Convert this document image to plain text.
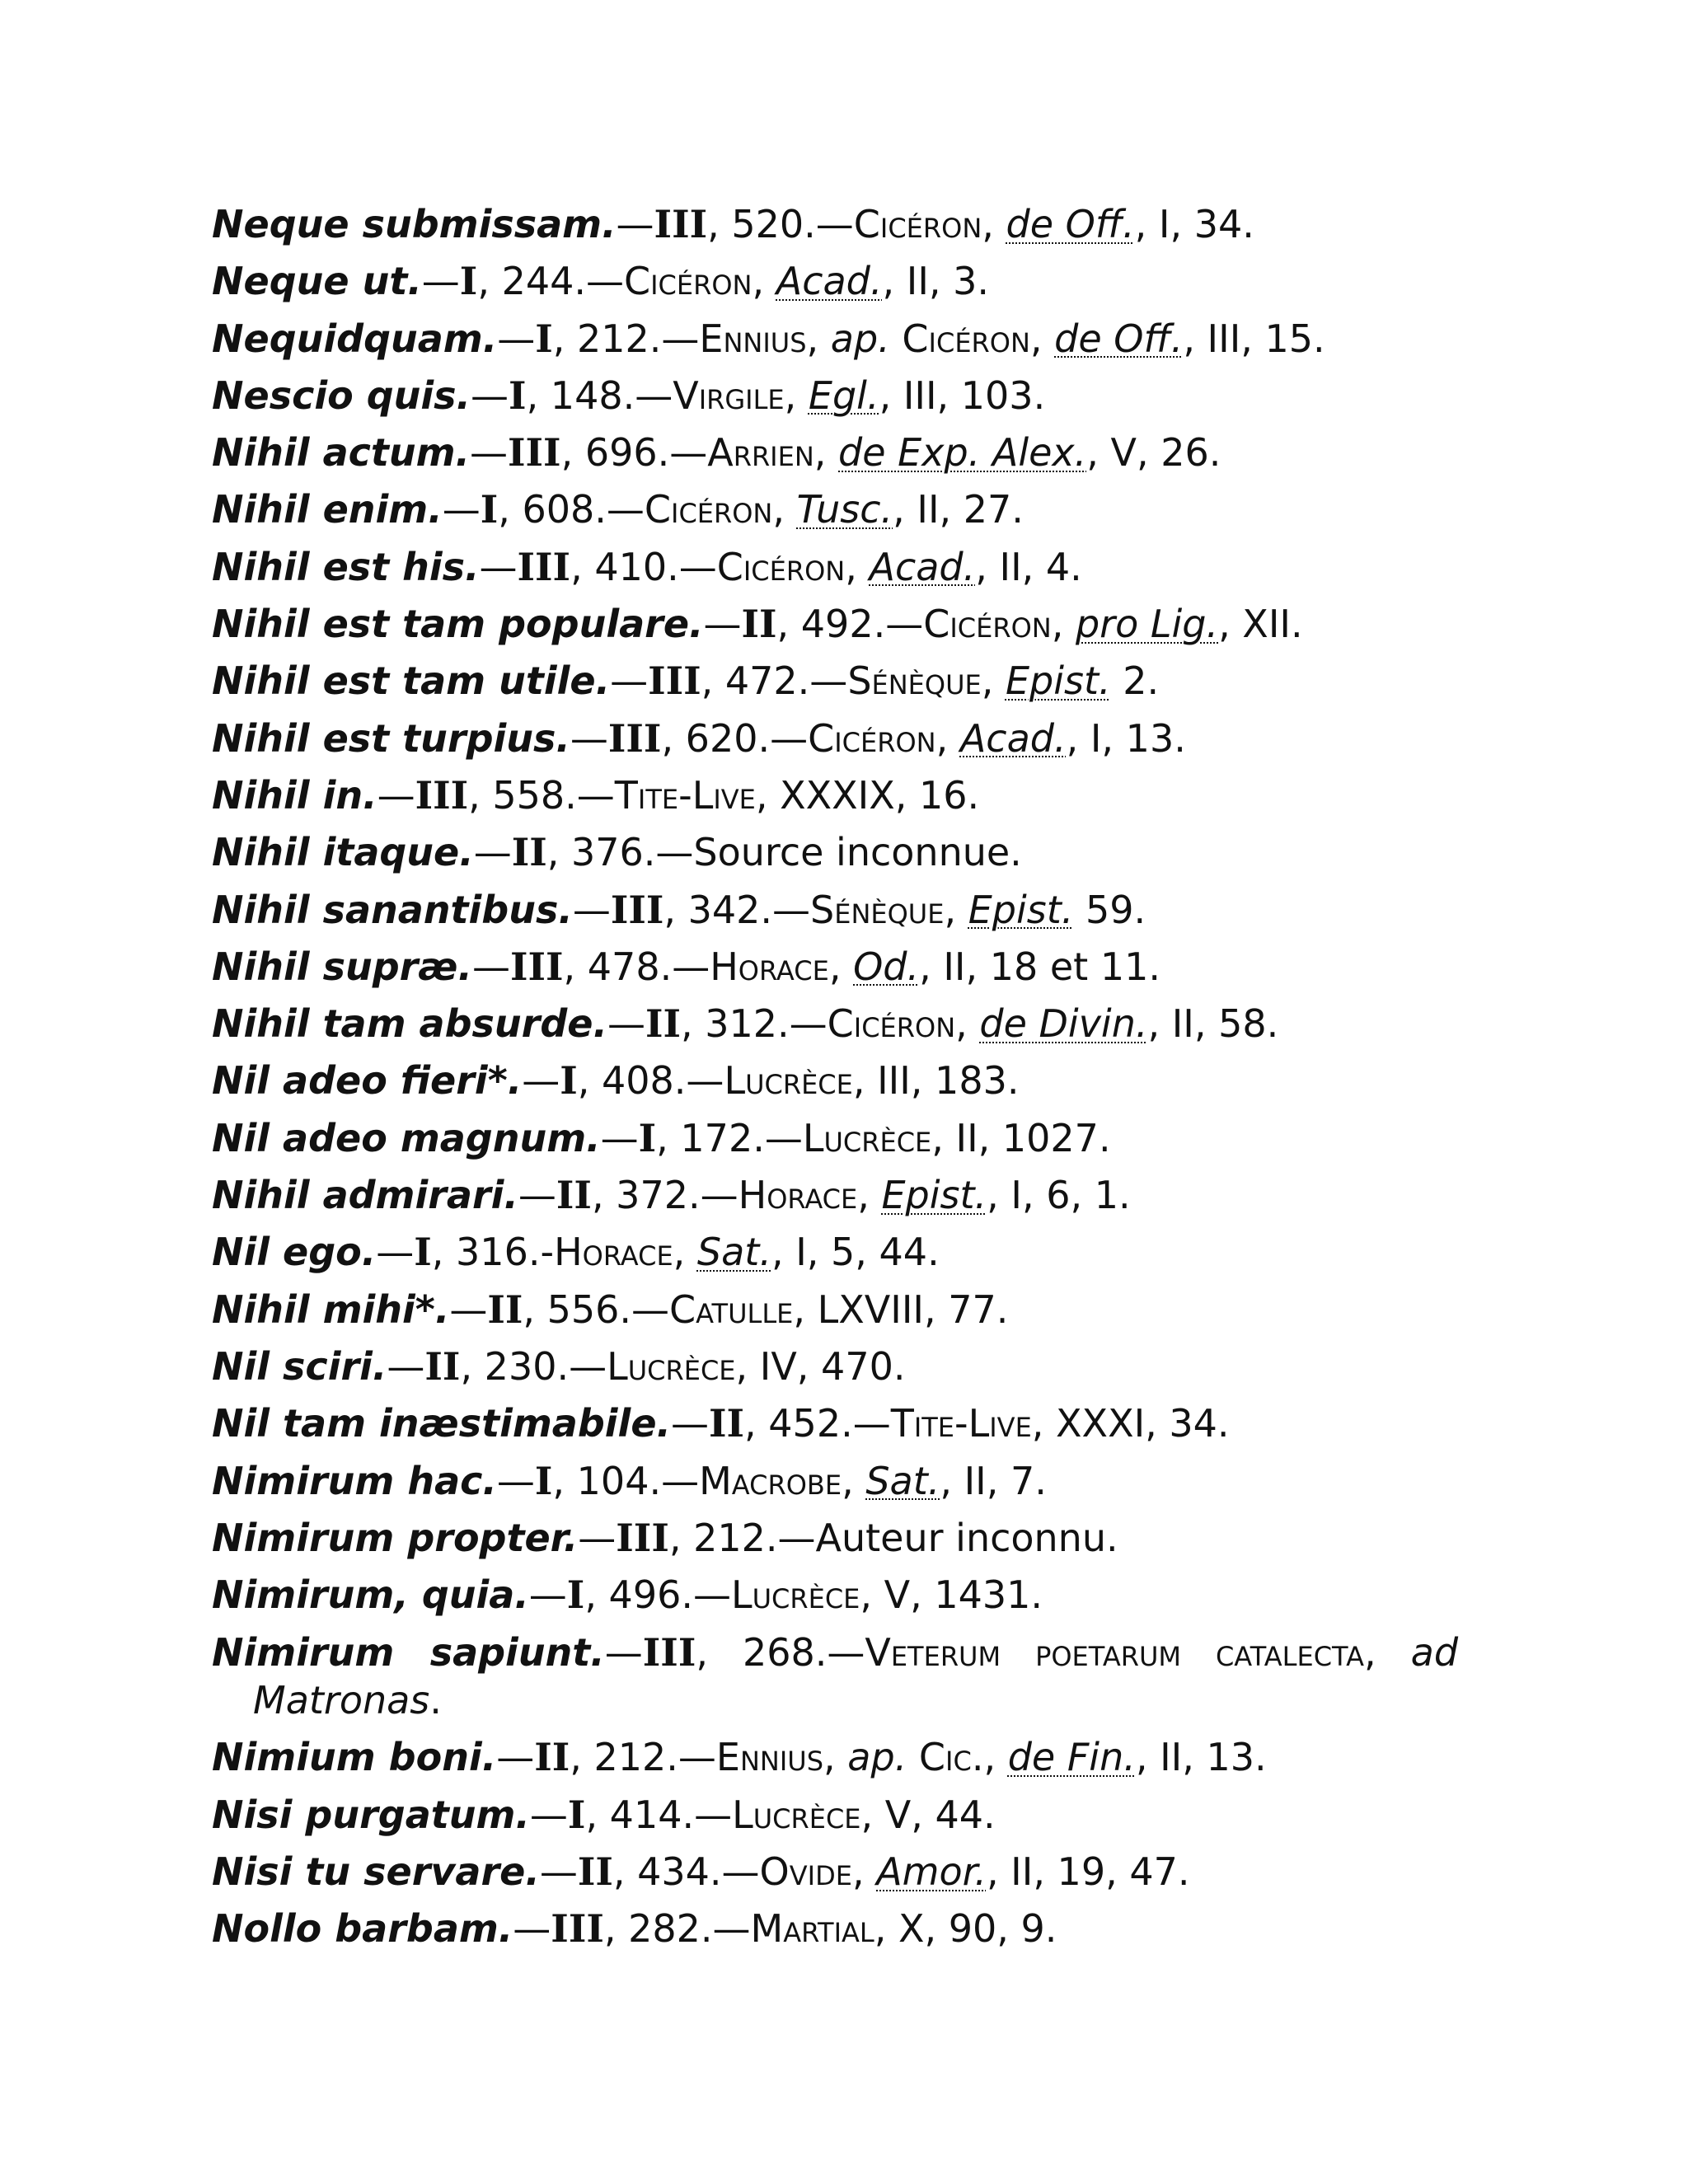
Neque submissam.—III, 520.—Cicéron, de Off., I, 34.
Neque ut.—I, 244.—Cicéron, Acad., II, 3.
Nequidquam.—I, 212.—Ennius, ap. Cicéron, de Off., III, 15.
Nescio quis.—I, 148.—Virgile, Egl., III, 103.
Nihil actum.—III, 696.—Arrien, de Exp. Alex., V, 26.
Nihil enim.—I, 608.—Cicéron, Tusc., II, 27.
Nihil est his.—III, 410.—Cicéron, Acad., II, 4.
Nihil est tam populare.—II, 492.—Cicéron, pro Lig., XII.
Nihil est tam utile.—III, 472.—Sénèque, Epist. 2.
Nihil est turpius.—III, 620.—Cicéron, Acad., I, 13.
Nihil in.—III, 558.—Tite-Live, XXXIX, 16.
Nihil itaque.—II, 376.—Source inconnue.
Nihil sanantibus.—III, 342.—Sénèque, Epist. 59.
Nihil supræ.—III, 478.—Horace, Od., II, 18 et 11.
Nihil tam absurde.—II, 312.—Cicéron, de Divin., II, 58.
Nil adeo fieri*.—I, 408.—Lucrèce, III, 183.
Nil adeo magnum.—I, 172.—Lucrèce, II, 1027.
Nihil admirari.—II, 372.—Horace, Epist., I, 6, 1.
Nil ego.—I, 316.-Horace, Sat., I, 5, 44.
Nihil mihi*.—II, 556.—Catulle, LXVIII, 77.
Nil sciri.—II, 230.—Lucrèce, IV, 470.
Nil tam inæstimabile.—II, 452.—Tite-Live, XXXI, 34.
Nimirum hac.—I, 104.—Macrobe, Sat., II, 7.
Nimirum propter.—III, 212.—Auteur inconnu.
Nimirum, quia.—I, 496.—Lucrèce, V, 1431.
Nimirum sapiunt.—III, 268.—Veterum poetarum catalecta, ad
Matronas.
Nimium boni.—II, 212.—Ennius, ap. Cic., de Fin., II, 13.
Nisi purgatum.—I, 414.—Lucrèce, V, 44.
Nisi tu servare.—II, 434.—Ovide, Amor., II, 19, 47.
Nollo barbam.—III, 282.—Martial, X, 90, 9.
